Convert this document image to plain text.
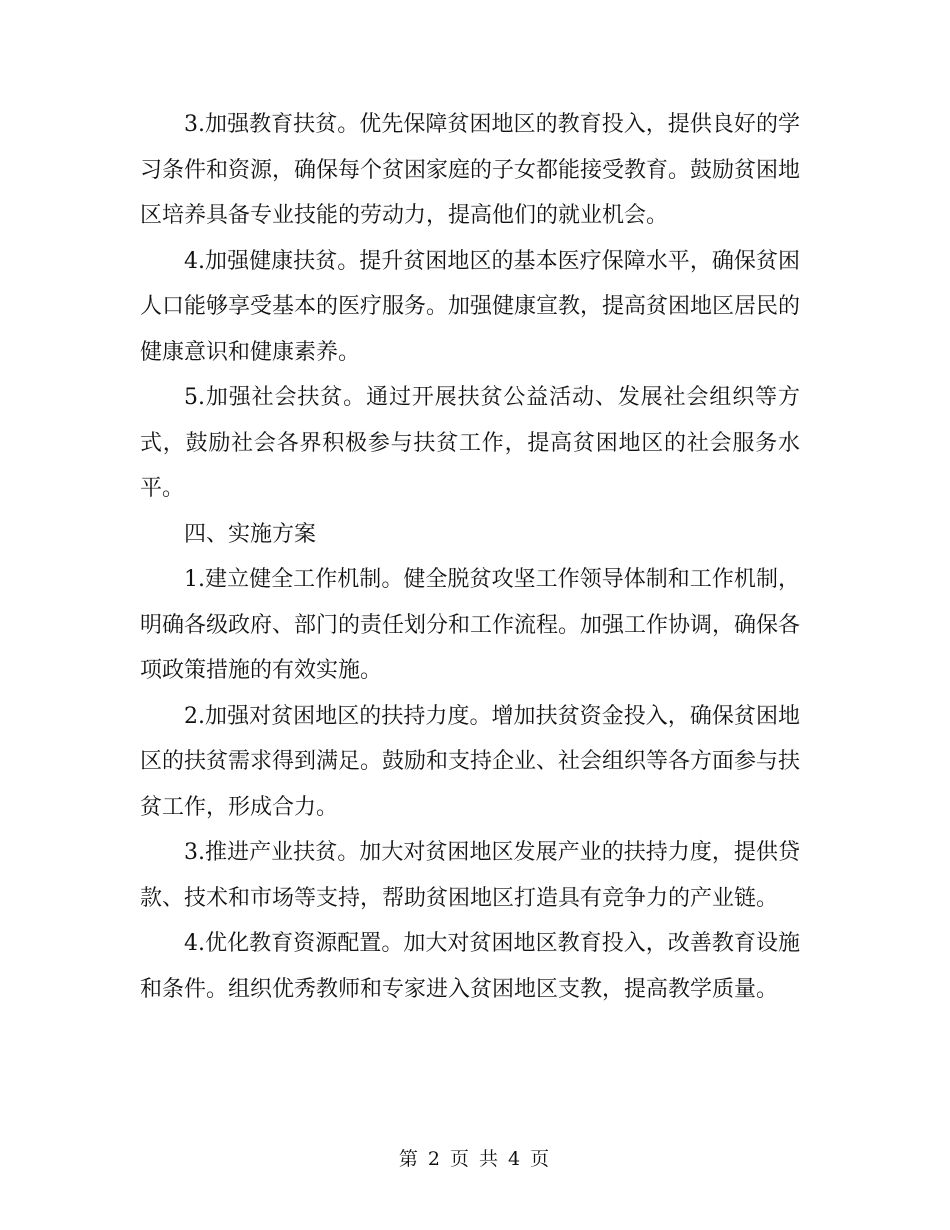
3.加强教育扶贫。优先保障贫困地区的教育投入，提供良好的学习条件和资源，确保每个贫困家庭的子女都能接受教育。鼓励贫困地区培养具备专业技能的劳动力，提高他们的就业机会。

4.加强健康扶贫。提升贫困地区的基本医疗保障水平，确保贫困人口能够享受基本的医疗服务。加强健康宣教，提高贫困地区居民的健康意识和健康素养。

5.加强社会扶贫。通过开展扶贫公益活动、发展社会组织等方式，鼓励社会各界积极参与扶贫工作，提高贫困地区的社会服务水平。

四、实施方案

1.建立健全工作机制。健全脱贫攻坚工作领导体制和工作机制，明确各级政府、部门的责任划分和工作流程。加强工作协调，确保各项政策措施的有效实施。

2.加强对贫困地区的扶持力度。增加扶贫资金投入，确保贫困地区的扶贫需求得到满足。鼓励和支持企业、社会组织等各方面参与扶贫工作，形成合力。

3.推进产业扶贫。加大对贫困地区发展产业的扶持力度，提供贷款、技术和市场等支持，帮助贫困地区打造具有竞争力的产业链。

4.优化教育资源配置。加大对贫困地区教育投入，改善教育设施和条件。组织优秀教师和专家进入贫困地区支教，提高教学质量。

第 2 页 共 4 页
